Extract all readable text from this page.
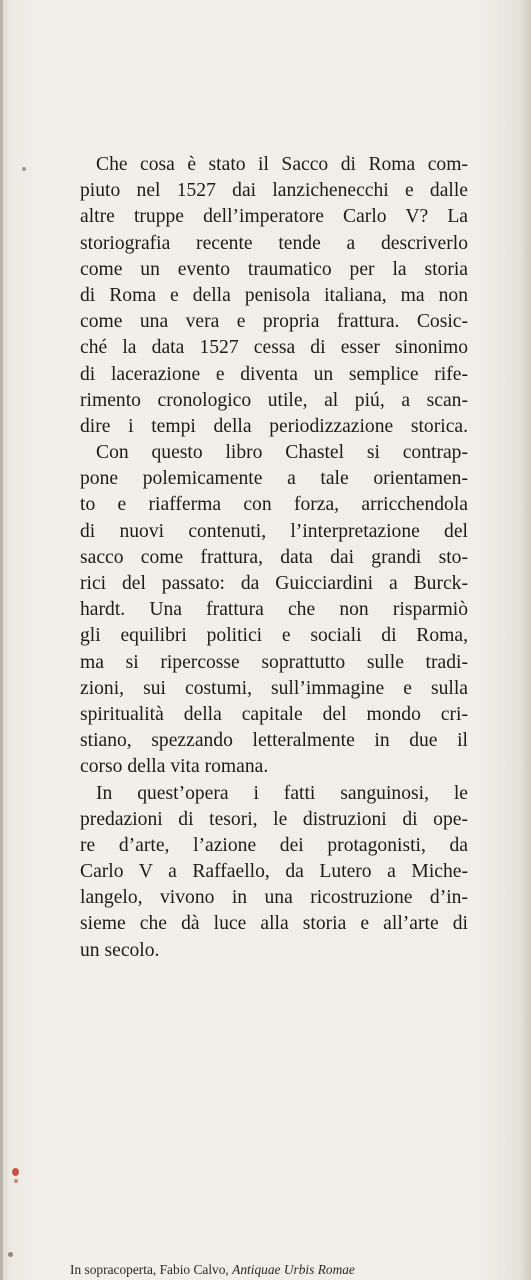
Che cosa è stato il Sacco di Roma com-
piuto nel 1527 dai lanzichenecchi e dalle
altre truppe dell’imperatore Carlo V? La
storiografia recente tende a descriverlo
come un evento traumatico per la storia
di Roma e della penisola italiana, ma non
come una vera e propria frattura. Cosic-
ché la data 1527 cessa di esser sinonimo
di lacerazione e diventa un semplice rife-
rimento cronologico utile, al piú, a scan-
dire i tempi della periodizzazione storica.
Con questo libro Chastel si contrap-
pone polemicamente a tale orientamen-
to e riafferma con forza, arricchendola
di nuovi contenuti, l’interpretazione del
sacco come frattura, data dai grandi sto-
rici del passato: da Guicciardini a Burck-
hardt. Una frattura che non risparmiò
gli equilibri politici e sociali di Roma,
ma si ripercosse soprattutto sulle tradi-
zioni, sui costumi, sull’immagine e sulla
spiritualità della capitale del mondo cri-
stiano, spezzando letteralmente in due il
corso della vita romana.
In quest’opera i fatti sanguinosi, le
predazioni di tesori, le distruzioni di ope-
re d’arte, l’azione dei protagonisti, da
Carlo V a Raffaello, da Lutero a Miche-
langelo, vivono in una ricostruzione d’in-
sieme che dà luce alla storia e all’arte di
un secolo.
In sopracoperta, Fabio Calvo, Antiquae Urbis Romae
